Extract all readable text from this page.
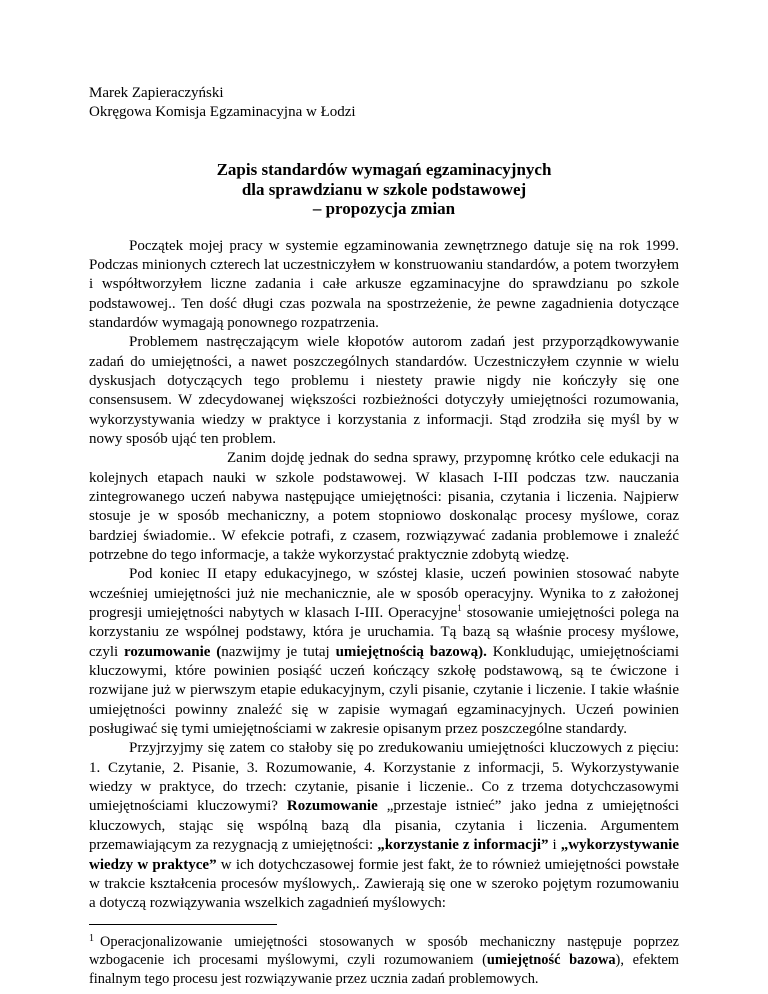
Marek Zapieraczyński
Okręgowa Komisja Egzaminacyjna w Łodzi
Zapis standardów wymagań egzaminacyjnych
dla sprawdzianu w szkole podstawowej
– propozycja zmian

Początek mojej pracy w systemie egzaminowania zewnętrznego datuje się na rok 1999. Podczas minionych czterech lat uczestniczyłem w konstruowaniu standardów, a potem tworzyłem i współtworzyłem liczne zadania i całe arkusze egzaminacyjne do sprawdzianu po szkole podstawowej.. Ten dość długi czas pozwala na spostrzeżenie, że pewne zagadnienia dotyczące standardów wymagają ponownego rozpatrzenia.

Problemem nastręczającym wiele kłopotów autorom zadań jest przyporządkowywanie zadań do umiejętności, a nawet poszczególnych standardów. Uczestniczyłem czynnie w wielu dyskusjach dotyczących tego problemu i niestety prawie nigdy nie kończyły się one consensusem. W zdecydowanej większości rozbieżności dotyczyły umiejętności rozumowania, wykorzystywania wiedzy w praktyce i korzystania z informacji. Stąd zrodziła się myśl by w nowy sposób ująć ten problem.

Zanim dojdę jednak do sedna sprawy, przypomnę krótko cele edukacji na kolejnych etapach nauki w szkole podstawowej. W klasach I-III podczas tzw. nauczania zintegrowanego uczeń nabywa następujące umiejętności: pisania, czytania i liczenia. Najpierw stosuje je w sposób mechaniczny, a potem stopniowo doskonaląc procesy myślowe, coraz bardziej świadomie.. W efekcie potrafi, z czasem, rozwiązywać zadania problemowe i znaleźć potrzebne do tego informacje, a także wykorzystać praktycznie zdobytą wiedzę.

Pod koniec II etapy edukacyjnego, w szóstej klasie, uczeń powinien stosować nabyte wcześniej umiejętności już nie mechanicznie, ale w sposób operacyjny. Wynika to z założonej progresji umiejętności nabytych w klasach I-III. Operacyjne$^1$ stosowanie umiejętności polega na korzystaniu ze wspólnej podstawy, która je uruchamia. Tą bazą są właśnie procesy myślowe, czyli rozumowanie (nazwijmy je tutaj umiejętnością bazową). Konkludując, umiejętnościami kluczowymi, które powinien posiąść uczeń kończący szkołę podstawową, są te ćwiczone i rozwijane już w pierwszym etapie edukacyjnym, czyli pisanie, czytanie i liczenie. I takie właśnie umiejętności powinny znaleźć się w zapisie wymagań egzaminacyjnych. Uczeń powinien posługiwać się tymi umiejętnościami w zakresie opisanym przez poszczególne standardy.

Przyjrzyjmy się zatem co stałoby się po zredukowaniu umiejętności kluczowych z pięciu: 1. Czytanie, 2. Pisanie, 3. Rozumowanie, 4. Korzystanie z informacji, 5. Wykorzystywanie wiedzy w praktyce, do trzech: czytanie, pisanie i liczenie.. Co z trzema dotychczasowymi umiejętnościami kluczowymi? Rozumowanie „przestaje istnieć” jako jedna z umiejętności kluczowych, stając się wspólną bazą dla pisania, czytania i liczenia. Argumentem przemawiającym za rezygnacją z umiejętności: „korzystanie z informacji” i „wykorzystywanie wiedzy w praktyce” w ich dotychczasowej formie jest fakt, że to również umiejętności powstałe w trakcie kształcenia procesów myślowych,. Zawierają się one w szeroko pojętym rozumowaniu a dotyczą rozwiązywania wszelkich zagadnień myślowych:

$^1$ Operacjonalizowanie umiejętności stosowanych w sposób mechaniczny następuje poprzez wzbogacenie ich procesami myślowymi, czyli rozumowaniem (umiejętność bazowa), efektem finalnym tego procesu jest rozwiązywanie przez ucznia zadań problemowych.
